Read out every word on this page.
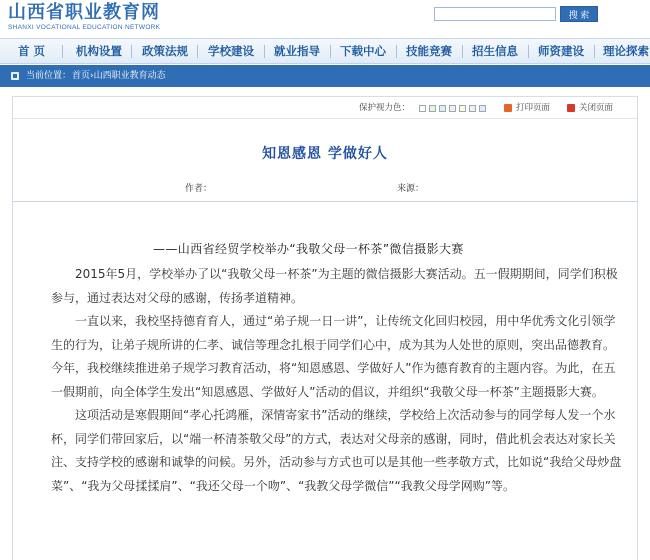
山西省职业教育网
SHANXI VOCATIONAL EDUCATION NETWORK
搜 索
首 页	机构设置 政策法规 学校建设 就业指导 下载中心 技能竞赛 招生信息 师资建设 理论探索
当前位置： 首页›山西职业教育动态
保护视力色：	打印页面	关闭页面
知恩感恩 学做好人
作者：	来源：
——山西省经贸学校举办“我敬父母一杯茶”微信摄影大赛

2015年5月，学校举办了以“我敬父母一杯茶”为主题的微信摄影大赛活动。五一假期期间，同学们积极参与，通过表达对父母的感谢，传扬孝道精神。

一直以来，我校坚持德育育人，通过“弟子规一日一讲”，让传统文化回归校园，用中华优秀文化引领学生的行为，让弟子规所讲的仁孝、诚信等理念扎根于同学们心中，成为其为人处世的原则，突出品德教育。今年，我校继续推进弟子规学习教育活动，将“知恩感恩、学做好人”作为德育教育的主题内容。为此，在五一假期前，向全体学生发出“知恩感恩、学做好人”活动的倡议，并组织“我敬父母一杯茶”主题摄影大赛。

这项活动是寒假期间“孝心托鸿雁，深情寄家书”活动的继续，学校给上次活动参与的同学每人发一个水杯，同学们带回家后，以“端一杯清茶敬父母”的方式，表达对父母亲的感谢，同时，借此机会表达对家长关注、支持学校的感谢和诚挚的问候。另外，活动参与方式也可以是其他一些孝敬方式，比如说“我给父母炒盘菜”、“我为父母揉揉肩”、“我还父母一个吻”、“我教父母学微信”“我教父母学网购”等。
